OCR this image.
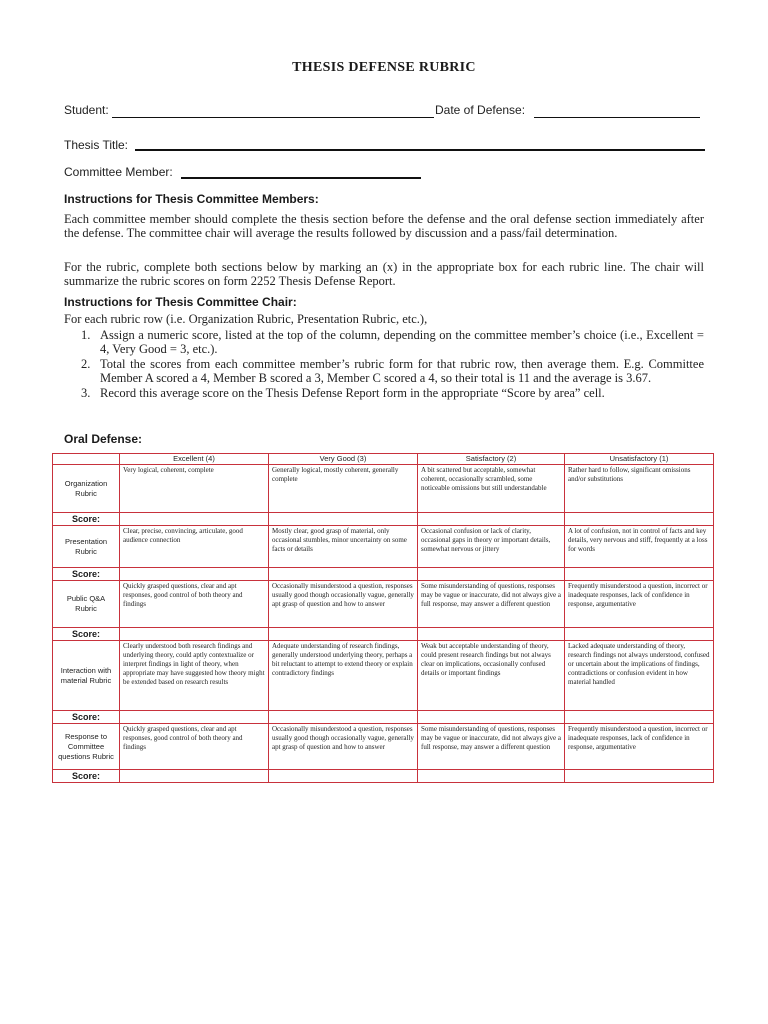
THESIS DEFENSE RUBRIC
Student:	Date of Defense:
Thesis Title:
Committee Member:
Instructions for Thesis Committee Members:
Each committee member should complete the thesis section before the defense and the oral defense section immediately after the defense. The committee chair will average the results followed by discussion and a pass/fail determination.
For the rubric, complete both sections below by marking an (x) in the appropriate box for each rubric line. The chair will summarize the rubric scores on form 2252 Thesis Defense Report.
Instructions for Thesis Committee Chair:
For each rubric row (i.e. Organization Rubric, Presentation Rubric, etc.),
1. Assign a numeric score, listed at the top of the column, depending on the committee member’s choice (i.e., Excellent = 4, Very Good = 3, etc.).
2. Total the scores from each committee member’s rubric form for that rubric row, then average them. E.g. Committee Member A scored a 4, Member B scored a 3, Member C scored a 4, so their total is 11 and the average is 3.67.
3. Record this average score on the Thesis Defense Report form in the appropriate “Score by area” cell.
Oral Defense:
	Excellent (4)	Very Good (3)	Satisfactory (2)	Unsatisfactory (1)
Organization Rubric	Very logical, coherent, complete	Generally logical, mostly coherent, generally complete	A bit scattered but acceptable, somewhat coherent, occasionally scrambled, some noticeable omissions but still understandable	Rather hard to follow, significant omissions and/or substitutions
Score:				
Presentation Rubric	Clear, precise, convincing, articulate, good audience connection	Mostly clear, good grasp of material, only occasional stumbles, minor uncertainty on some facts or details	Occasional confusion or lack of clarity, occasional gaps in theory or important details, somewhat nervous or jittery	A lot of confusion, not in control of facts and key details, very nervous and stiff, frequently at a loss for words
Score:				
Public Q&A Rubric	Quickly grasped questions, clear and apt responses, good control of both theory and findings	Occasionally misunderstood a question, responses usually good though occasionally vague, generally apt grasp of question and how to answer	Some misunderstanding of questions, responses may be vague or inaccurate, did not always give a full response, may answer a different question	Frequently misunderstood a question, incorrect or inadequate responses, lack of confidence in response, argumentative
Score:				
Interaction with material Rubric	Clearly understood both research findings and underlying theory, could aptly contextualize or interpret findings in light of theory, when appropriate may have suggested how theory might be extended based on research results	Adequate understanding of research findings, generally understood underlying theory, perhaps a bit reluctant to attempt to extend theory or explain contradictory findings	Weak but acceptable understanding of theory, could present research findings but not always clear on implications, occasionally confused details or important findings	Lacked adequate understanding of theory, research findings not always understood, confused or uncertain about the implications of findings, contradictions or confusion evident in how material handled
Score:				
Response to Committee questions Rubric	Quickly grasped questions, clear and apt responses, good control of both theory and findings	Occasionally misunderstood a question, responses usually good though occasionally vague, generally apt grasp of question and how to answer	Some misunderstanding of questions, responses may be vague or inaccurate, did not always give a full response, may answer a different question	Frequently misunderstood a question, incorrect or inadequate responses, lack of confidence in response, argumentative
Score:				
